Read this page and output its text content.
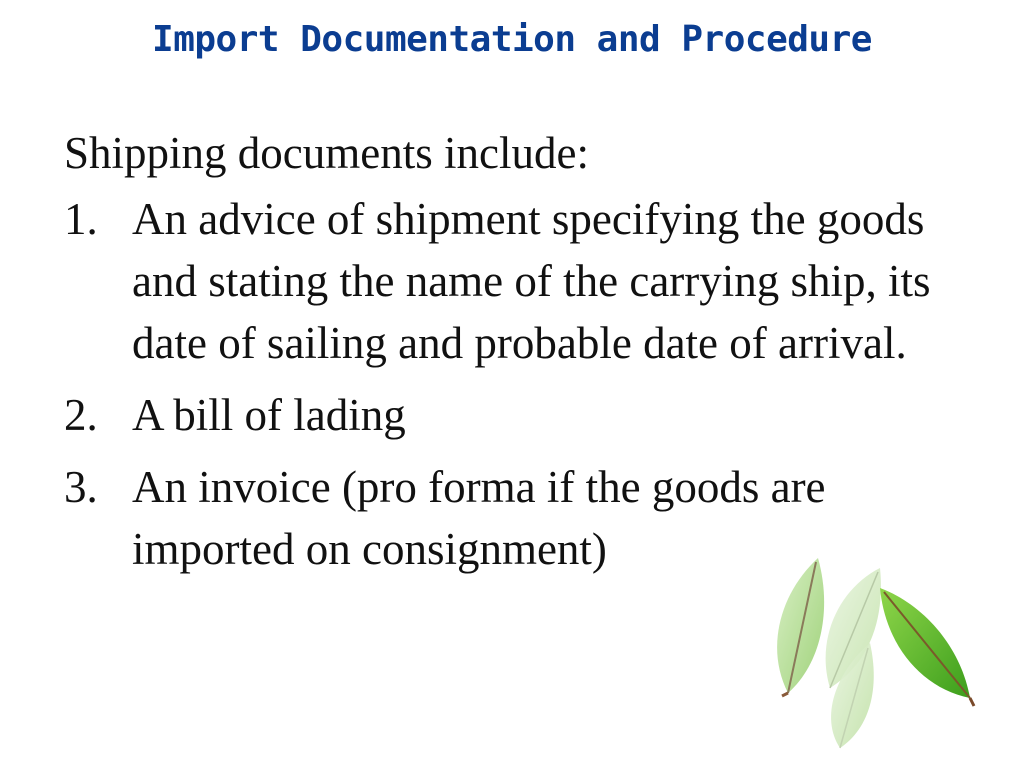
Import Documentation and Procedure

Shipping documents include:

1. An advice of shipment specifying the goods and stating the name of the carrying ship, its date of sailing and probable date of arrival.
2. A bill of lading
3. An invoice (pro forma if the goods are imported on consignment)
